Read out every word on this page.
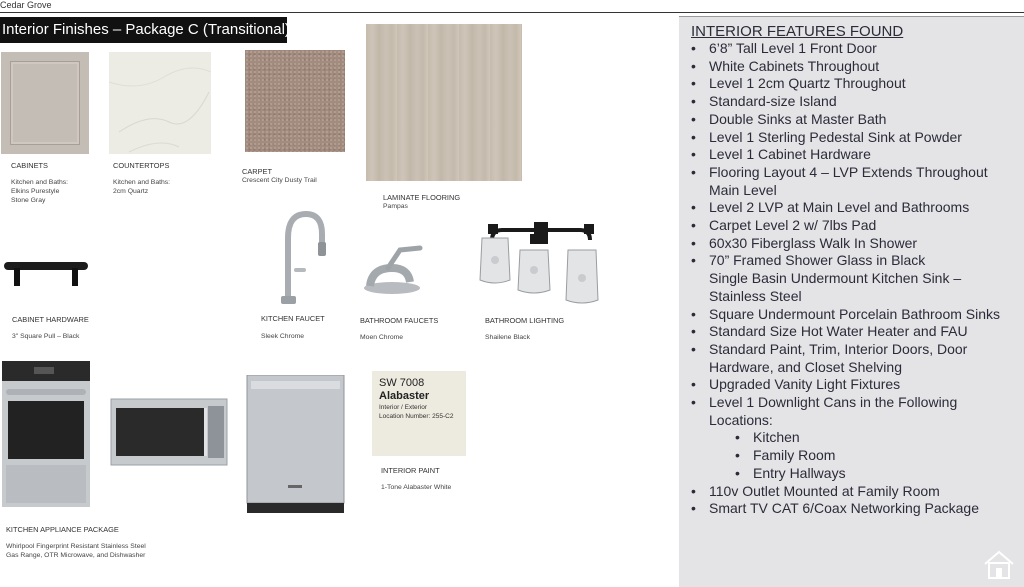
Cedar Grove
Interior Finishes – Package C (Transitional)
CABINETS
Kitchen and Baths:
Elkins Purestyle
Stone Gray
COUNTERTOPS
Kitchen and Baths:
2cm Quartz
CARPET
Crescent City Dusty Trail
LAMINATE FLOORING
Pampas
CABINET HARDWARE
3" Square Pull – Black
KITCHEN FAUCET
Sleek Chrome
BATHROOM FAUCETS
Moen Chrome
BATHROOM LIGHTING
Shailene Black
KITCHEN APPLIANCE PACKAGE
Whirlpool Fingerprint Resistant Stainless Steel
Gas Range, OTR Microwave, and Dishwasher
SW 7008
Alabaster
Interior / Exterior
Location Number: 255-C2
INTERIOR PAINT
1-Tone Alabaster White
INTERIOR FEATURES FOUND
• 6’8” Tall Level 1 Front Door
• White Cabinets Throughout
• Level 1 2cm Quartz Throughout
• Standard-size Island
• Double Sinks at Master Bath
• Level 1 Sterling Pedestal Sink at Powder
• Level 1 Cabinet Hardware
• Flooring Layout 4 – LVP Extends Throughout
Main Level
• Level 2 LVP at Main Level and Bathrooms
• Carpet Level 2 w/ 7lbs Pad
• 60x30 Fiberglass Walk In Shower
• 70” Framed Shower Glass in Black
Single Basin Undermount Kitchen Sink –
Stainless Steel
• Square Undermount Porcelain Bathroom Sinks
• Standard Size Hot Water Heater and FAU
• Standard Paint, Trim, Interior Doors, Door
Hardware, and Closet Shelving
• Upgraded Vanity Light Fixtures
• Level 1 Downlight Cans in the Following
Locations:
• Kitchen
• Family Room
• Entry Hallways
• 110v Outlet Mounted at Family Room
• Smart TV CAT 6/Coax Networking Package
